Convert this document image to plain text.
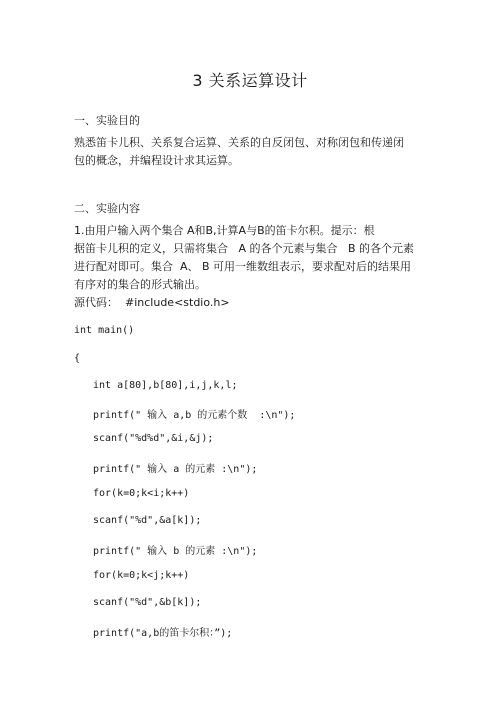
3 关系运算设计
一、实验目的
熟悉笛卡儿积、关系复合运算、关系的自反闭包、对称闭包和传递闭
包的概念，并编程设计求其运算。
二、实验内容
1.由用户输入两个集合 A和B,计算A与B的笛卡尔积。提示：根
据笛卡儿积的定义，只需将集合   A 的各个元素与集合   B 的各个元素
进行配对即可。集合  A、 B 可用一维数组表示，要求配对后的结果用
有序对的集合的形式输出。
源代码：  #include<stdio.h>
int main()
{
int a[80],b[80],i,j,k,l;
printf(" 输入 a,b 的元素个数  :\n");
scanf("%d%d",&i,&j);
printf(" 输入 a 的元素 :\n");
for(k=0;k<i;k++)
scanf("%d",&a[k]);
printf(" 输入 b 的元素 :\n");
for(k=0;k<j;k++)
scanf("%d",&b[k]);
printf("a,b的笛卡尔积：”);
